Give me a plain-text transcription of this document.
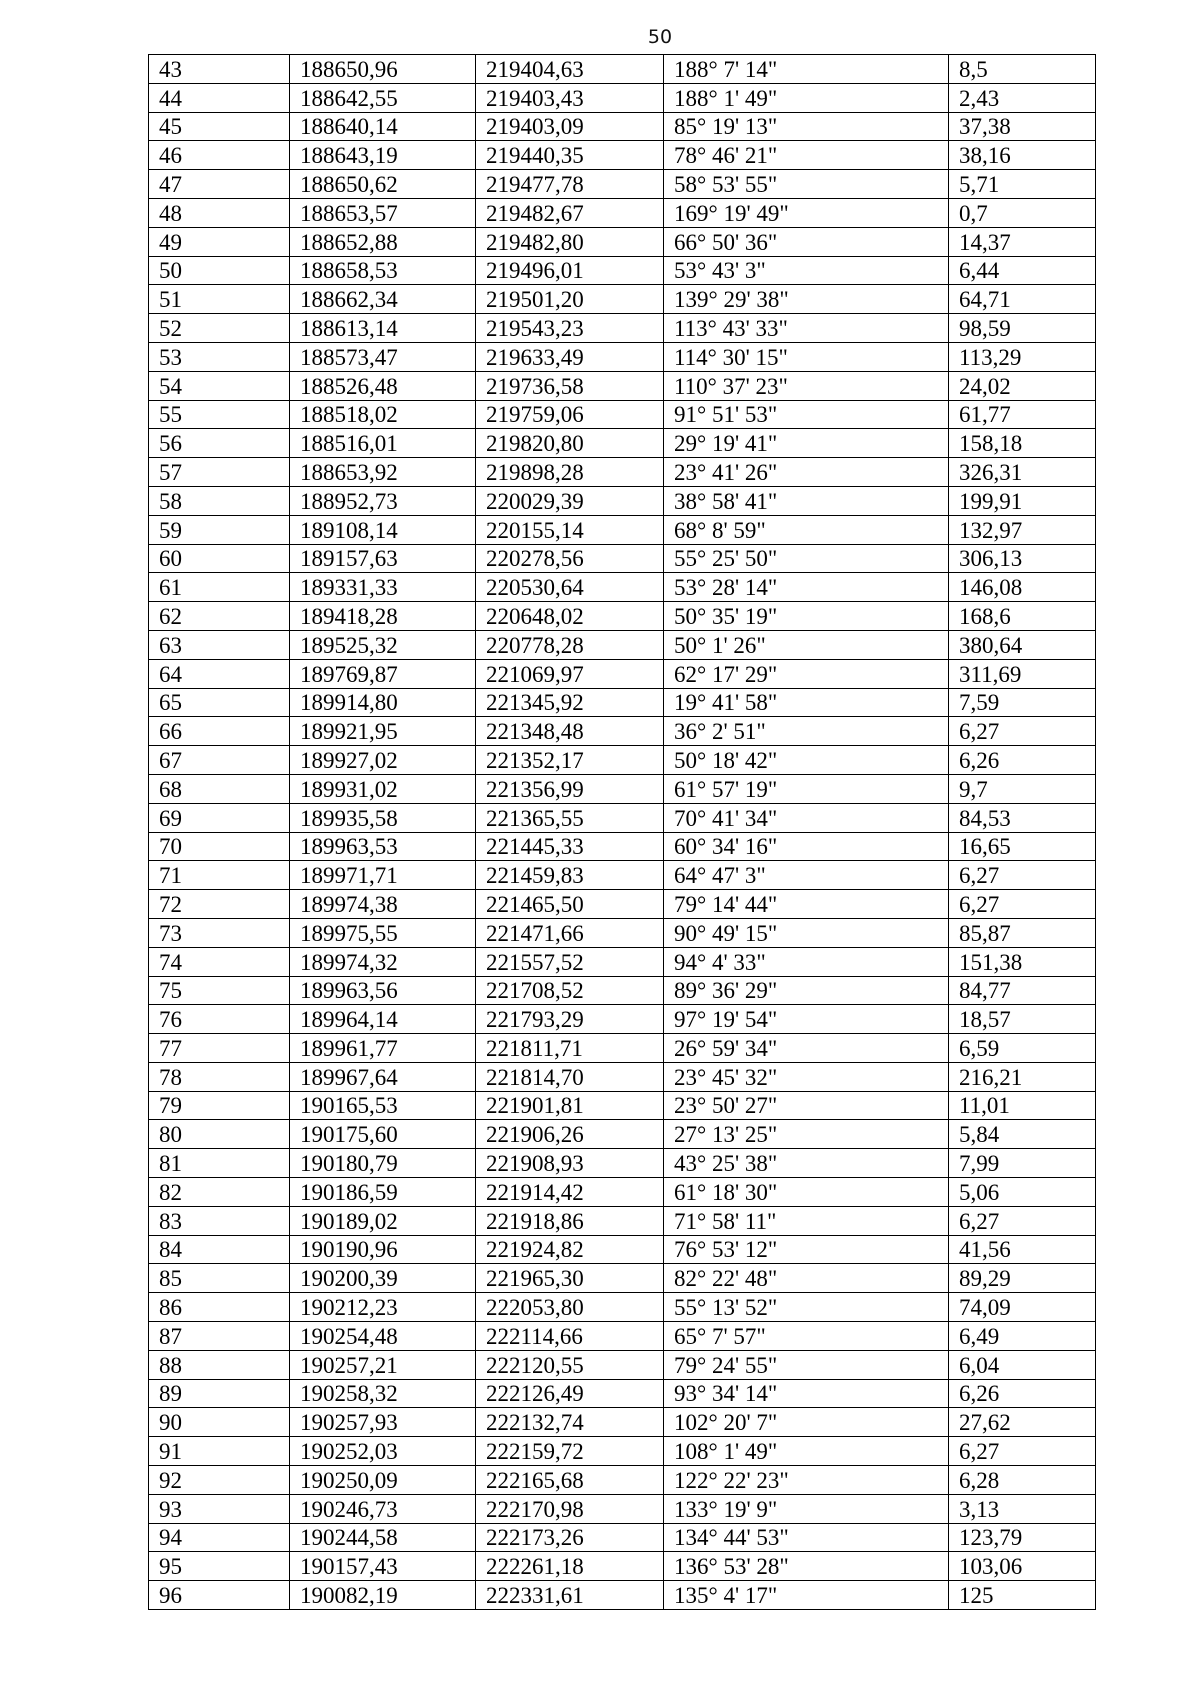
50
43	188650,96	219404,63	188° 7' 14"	8,5
44	188642,55	219403,43	188° 1' 49"	2,43
45	188640,14	219403,09	85° 19' 13"	37,38
46	188643,19	219440,35	78° 46' 21"	38,16
47	188650,62	219477,78	58° 53' 55"	5,71
48	188653,57	219482,67	169° 19' 49"	0,7
49	188652,88	219482,80	66° 50' 36"	14,37
50	188658,53	219496,01	53° 43' 3"	6,44
51	188662,34	219501,20	139° 29' 38"	64,71
52	188613,14	219543,23	113° 43' 33"	98,59
53	188573,47	219633,49	114° 30' 15"	113,29
54	188526,48	219736,58	110° 37' 23"	24,02
55	188518,02	219759,06	91° 51' 53"	61,77
56	188516,01	219820,80	29° 19' 41"	158,18
57	188653,92	219898,28	23° 41' 26"	326,31
58	188952,73	220029,39	38° 58' 41"	199,91
59	189108,14	220155,14	68° 8' 59"	132,97
60	189157,63	220278,56	55° 25' 50"	306,13
61	189331,33	220530,64	53° 28' 14"	146,08
62	189418,28	220648,02	50° 35' 19"	168,6
63	189525,32	220778,28	50° 1' 26"	380,64
64	189769,87	221069,97	62° 17' 29"	311,69
65	189914,80	221345,92	19° 41' 58"	7,59
66	189921,95	221348,48	36° 2' 51"	6,27
67	189927,02	221352,17	50° 18' 42"	6,26
68	189931,02	221356,99	61° 57' 19"	9,7
69	189935,58	221365,55	70° 41' 34"	84,53
70	189963,53	221445,33	60° 34' 16"	16,65
71	189971,71	221459,83	64° 47' 3"	6,27
72	189974,38	221465,50	79° 14' 44"	6,27
73	189975,55	221471,66	90° 49' 15"	85,87
74	189974,32	221557,52	94° 4' 33"	151,38
75	189963,56	221708,52	89° 36' 29"	84,77
76	189964,14	221793,29	97° 19' 54"	18,57
77	189961,77	221811,71	26° 59' 34"	6,59
78	189967,64	221814,70	23° 45' 32"	216,21
79	190165,53	221901,81	23° 50' 27"	11,01
80	190175,60	221906,26	27° 13' 25"	5,84
81	190180,79	221908,93	43° 25' 38"	7,99
82	190186,59	221914,42	61° 18' 30"	5,06
83	190189,02	221918,86	71° 58' 11"	6,27
84	190190,96	221924,82	76° 53' 12"	41,56
85	190200,39	221965,30	82° 22' 48"	89,29
86	190212,23	222053,80	55° 13' 52"	74,09
87	190254,48	222114,66	65° 7' 57"	6,49
88	190257,21	222120,55	79° 24' 55"	6,04
89	190258,32	222126,49	93° 34' 14"	6,26
90	190257,93	222132,74	102° 20' 7"	27,62
91	190252,03	222159,72	108° 1' 49"	6,27
92	190250,09	222165,68	122° 22' 23"	6,28
93	190246,73	222170,98	133° 19' 9"	3,13
94	190244,58	222173,26	134° 44' 53"	123,79
95	190157,43	222261,18	136° 53' 28"	103,06
96	190082,19	222331,61	135° 4' 17"	125
